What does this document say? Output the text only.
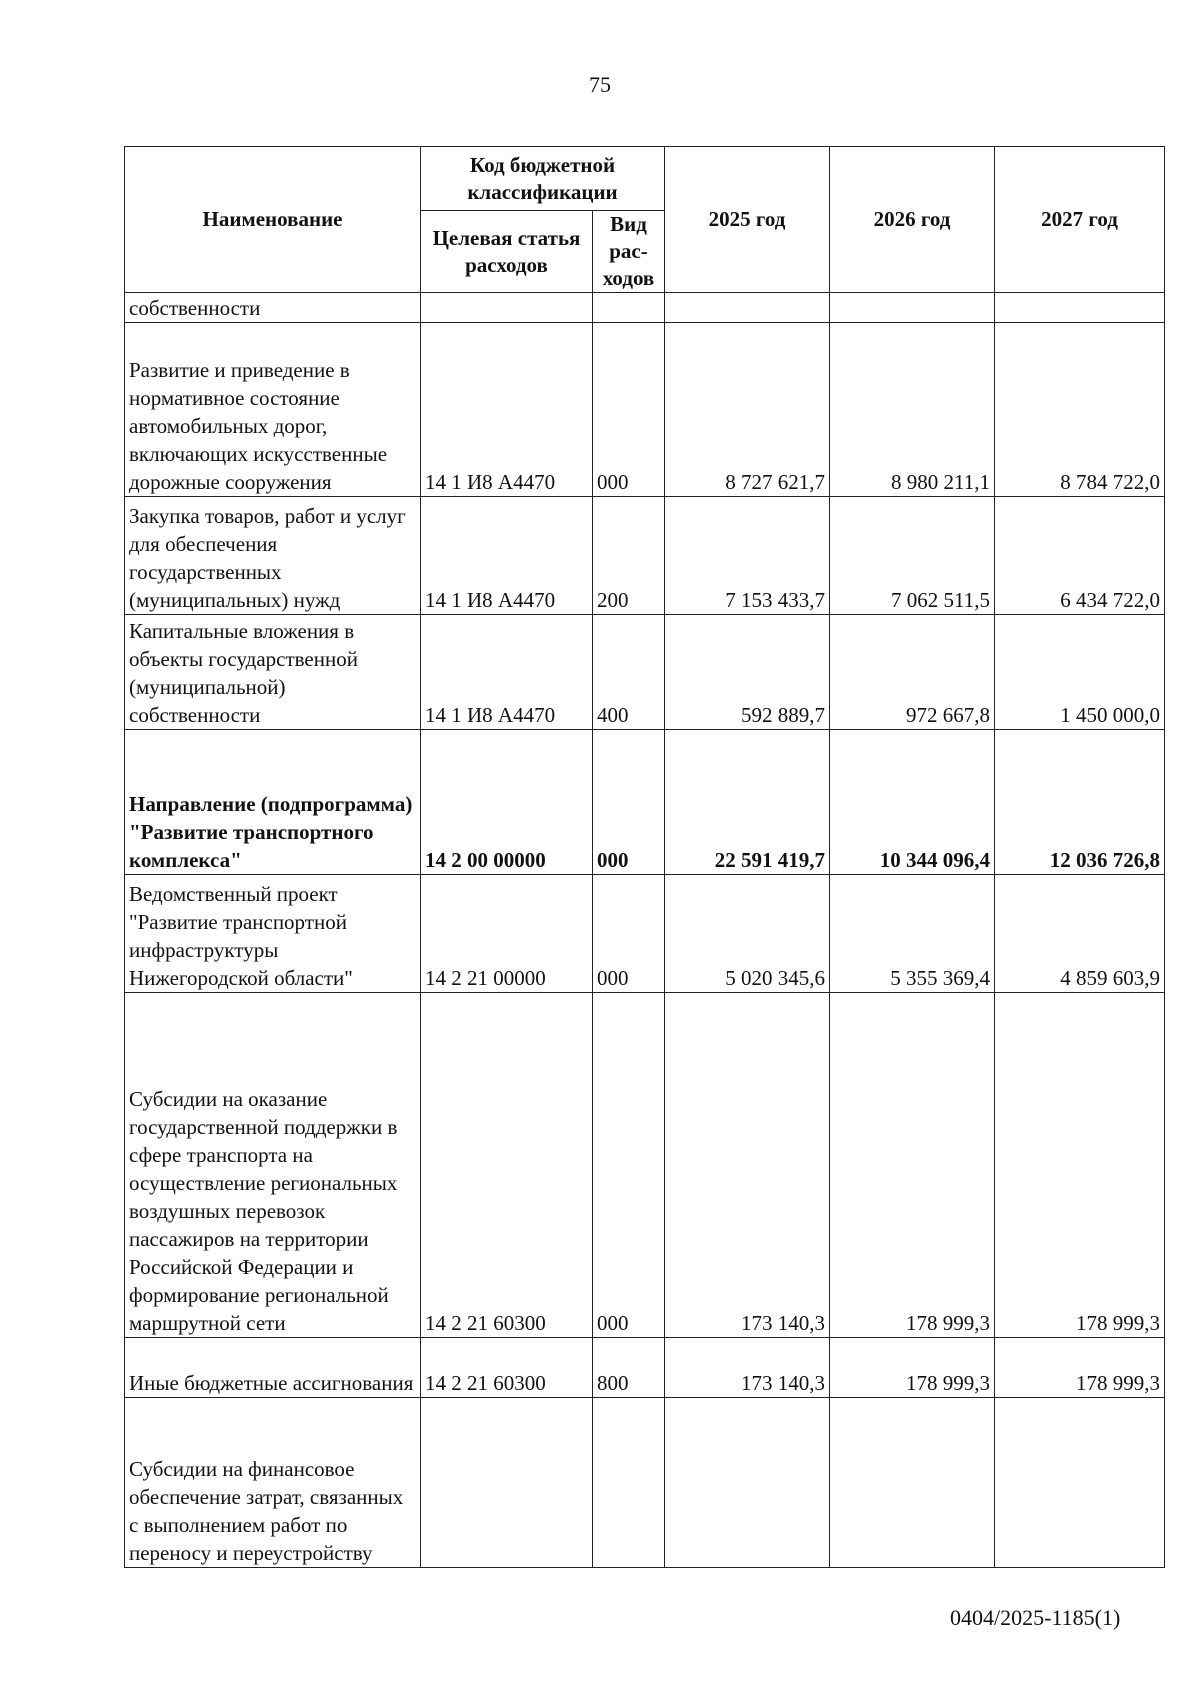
75
Наименование	Код бюджетной классификации		2025 год	2026 год	2027 год
	Целевая статья расходов	Вид рас-ходов			
собственности					
Развитие и приведение в нормативное состояние автомобильных дорог, включающих искусственные дорожные сооружения	14 1 И8 А4470	000	8 727 621,7	8 980 211,1	8 784 722,0
Закупка товаров, работ и услуг для обеспечения государственных (муниципальных) нужд	14 1 И8 А4470	200	7 153 433,7	7 062 511,5	6 434 722,0
Капитальные вложения в объекты государственной (муниципальной) собственности	14 1 И8 А4470	400	592 889,7	972 667,8	1 450 000,0
Направление (подпрограмма) "Развитие транспортного комплекса"	14 2 00 00000	000	22 591 419,7	10 344 096,4	12 036 726,8
Ведомственный проект "Развитие транспортной инфраструктуры Нижегородской области"	14 2 21 00000	000	5 020 345,6	5 355 369,4	4 859 603,9
Субсидии на оказание государственной поддержки в сфере транспорта на осуществление региональных воздушных перевозок пассажиров на территории Российской Федерации и формирование региональной маршрутной сети	14 2 21 60300	000	173 140,3	178 999,3	178 999,3
Иные бюджетные ассигнования	14 2 21 60300	800	173 140,3	178 999,3	178 999,3
Субсидии на финансовое обеспечение затрат, связанных с выполнением работ по переносу и переустройству					
0404/2025-1185(1)
